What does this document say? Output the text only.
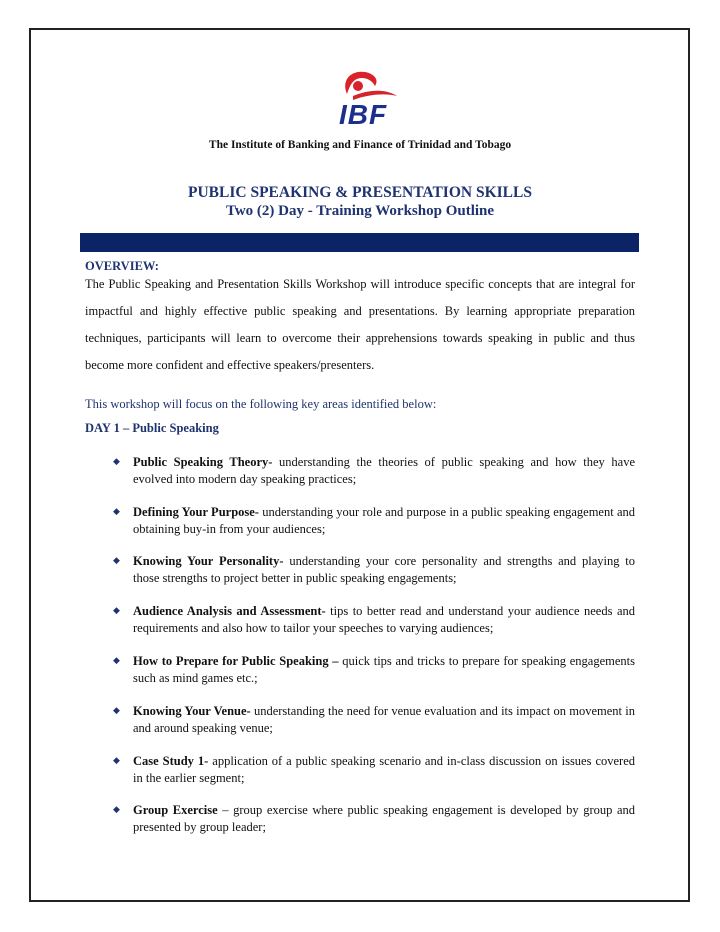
IBF
The Institute of Banking and Finance of Trinidad and Tobago
PUBLIC SPEAKING & PRESENTATION SKILLS
Two (2) Day - Training Workshop Outline
OVERVIEW:
The Public Speaking and Presentation Skills Workshop will introduce specific concepts that are integral for impactful and highly effective public speaking and presentations. By learning appropriate preparation techniques, participants will learn to overcome their apprehensions towards speaking in public and thus become more confident and effective speakers/presenters.
This workshop will focus on the following key areas identified below:
DAY 1 – Public Speaking
◆ Public Speaking Theory- understanding the theories of public speaking and how they have evolved into modern day speaking practices;
◆ Defining Your Purpose- understanding your role and purpose in a public speaking engagement and obtaining buy-in from your audiences;
◆ Knowing Your Personality- understanding your core personality and strengths and playing to those strengths to project better in public speaking engagements;
◆ Audience Analysis and Assessment- tips to better read and understand your audience needs and requirements and also how to tailor your speeches to varying audiences;
◆ How to Prepare for Public Speaking – quick tips and tricks to prepare for speaking engagements such as mind games etc.;
◆ Knowing Your Venue- understanding the need for venue evaluation and its impact on movement in and around speaking venue;
◆ Case Study 1- application of a public speaking scenario and in-class discussion on issues covered in the earlier segment;
◆ Group Exercise – group exercise where public speaking engagement is developed by group and presented by group leader;
